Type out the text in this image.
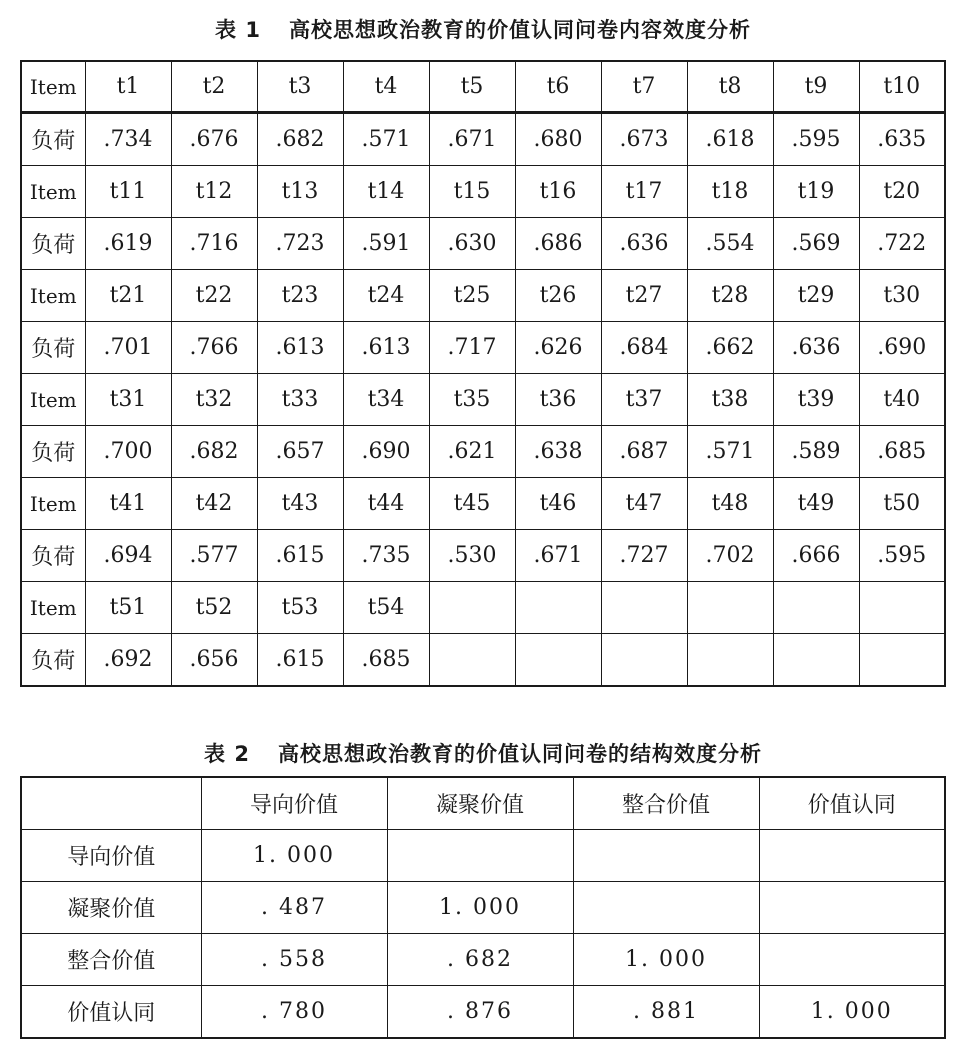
表 1 高校思想政治教育的价值认同问卷内容效度分析
Item	t1	t2	t3	t4	t5	t6	t7	t8	t9	t10
负荷	.734	.676	.682	.571	.671	.680	.673	.618	.595	.635
Item	t11	t12	t13	t14	t15	t16	t17	t18	t19	t20
负荷	.619	.716	.723	.591	.630	.686	.636	.554	.569	.722
Item	t21	t22	t23	t24	t25	t26	t27	t28	t29	t30
负荷	.701	.766	.613	.613	.717	.626	.684	.662	.636	.690
Item	t31	t32	t33	t34	t35	t36	t37	t38	t39	t40
负荷	.700	.682	.657	.690	.621	.638	.687	.571	.589	.685
Item	t41	t42	t43	t44	t45	t46	t47	t48	t49	t50
负荷	.694	.577	.615	.735	.530	.671	.727	.702	.666	.595
Item	t51	t52	t53	t54						
负荷	.692	.656	.615	.685						
表 2 高校思想政治教育的价值认同问卷的结构效度分析
	导向价值	凝聚价值	整合价值	价值认同
导向价值	1. 000			
凝聚价值	. 487	1. 000		
整合价值	. 558	. 682	1. 000	
价值认同	. 780	. 876	. 881	1. 000
